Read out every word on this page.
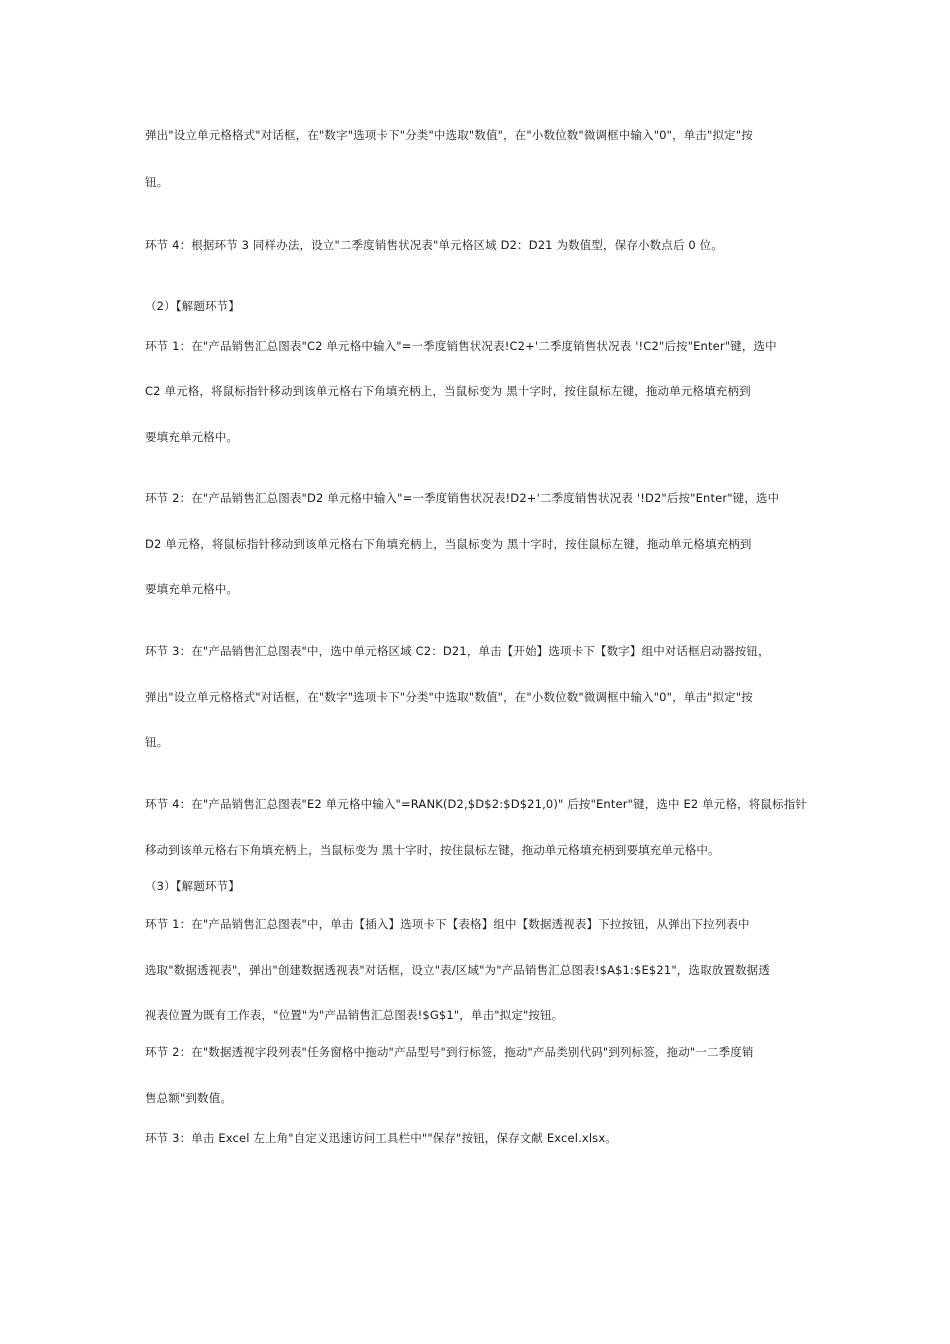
弹出"设立单元格格式"对话框，在"数字"选项卡下"分类"中选取"数值"，在"小数位数"微调框中输入"0"，单击"拟定"按

钮。

环节 4：根据环节 3 同样办法，设立"二季度销售状况表"单元格区域 D2：D21 为数值型，保存小数点后 0 位。

（2）【解题环节】

环节 1：在"产品销售汇总图表"C2 单元格中输入"=一季度销售状况表!C2+'二季度销售状况表 '!C2"后按"Enter"键，选中

C2 单元格，将鼠标指针移动到该单元格右下角填充柄上，当鼠标变为 黑十字时，按住鼠标左键，拖动单元格填充柄到

要填充单元格中。

环节 2：在"产品销售汇总图表"D2 单元格中输入"=一季度销售状况表!D2+'二季度销售状况表 '!D2"后按"Enter"键，选中

D2 单元格，将鼠标指针移动到该单元格右下角填充柄上，当鼠标变为 黑十字时，按住鼠标左键，拖动单元格填充柄到

要填充单元格中。

环节 3：在"产品销售汇总图表"中，选中单元格区域 C2：D21，单击【开始】选项卡下【数字】组中对话框启动器按钮，

弹出"设立单元格格式"对话框，在"数字"选项卡下"分类"中选取"数值"，在"小数位数"微调框中输入"0"，单击"拟定"按

钮。

环节 4：在"产品销售汇总图表"E2 单元格中输入"=RANK(D2,$D$2:$D$21,0)" 后按"Enter"键，选中 E2 单元格，将鼠标指针

移动到该单元格右下角填充柄上，当鼠标变为 黑十字时，按住鼠标左键，拖动单元格填充柄到要填充单元格中。

（3）【解题环节】

环节 1：在"产品销售汇总图表"中，单击【插入】选项卡下【表格】组中【数据透视表】下拉按钮，从弹出下拉列表中

选取"数据透视表"，弹出"创建数据透视表"对话框，设立"表/区域"为"产品销售汇总图表!$A$1:$E$21"，选取放置数据透

视表位置为既有工作表，"位置"为"产品销售汇总图表!$G$1"，单击"拟定"按钮。

环节 2：在"数据透视字段列表"任务窗格中拖动"产品型号"到行标签，拖动"产品类别代码"到列标签，拖动"一二季度销

售总额"到数值。

环节 3：单击 Excel 左上角"自定义迅速访问工具栏中""保存"按钮，保存文献 Excel.xlsx。
